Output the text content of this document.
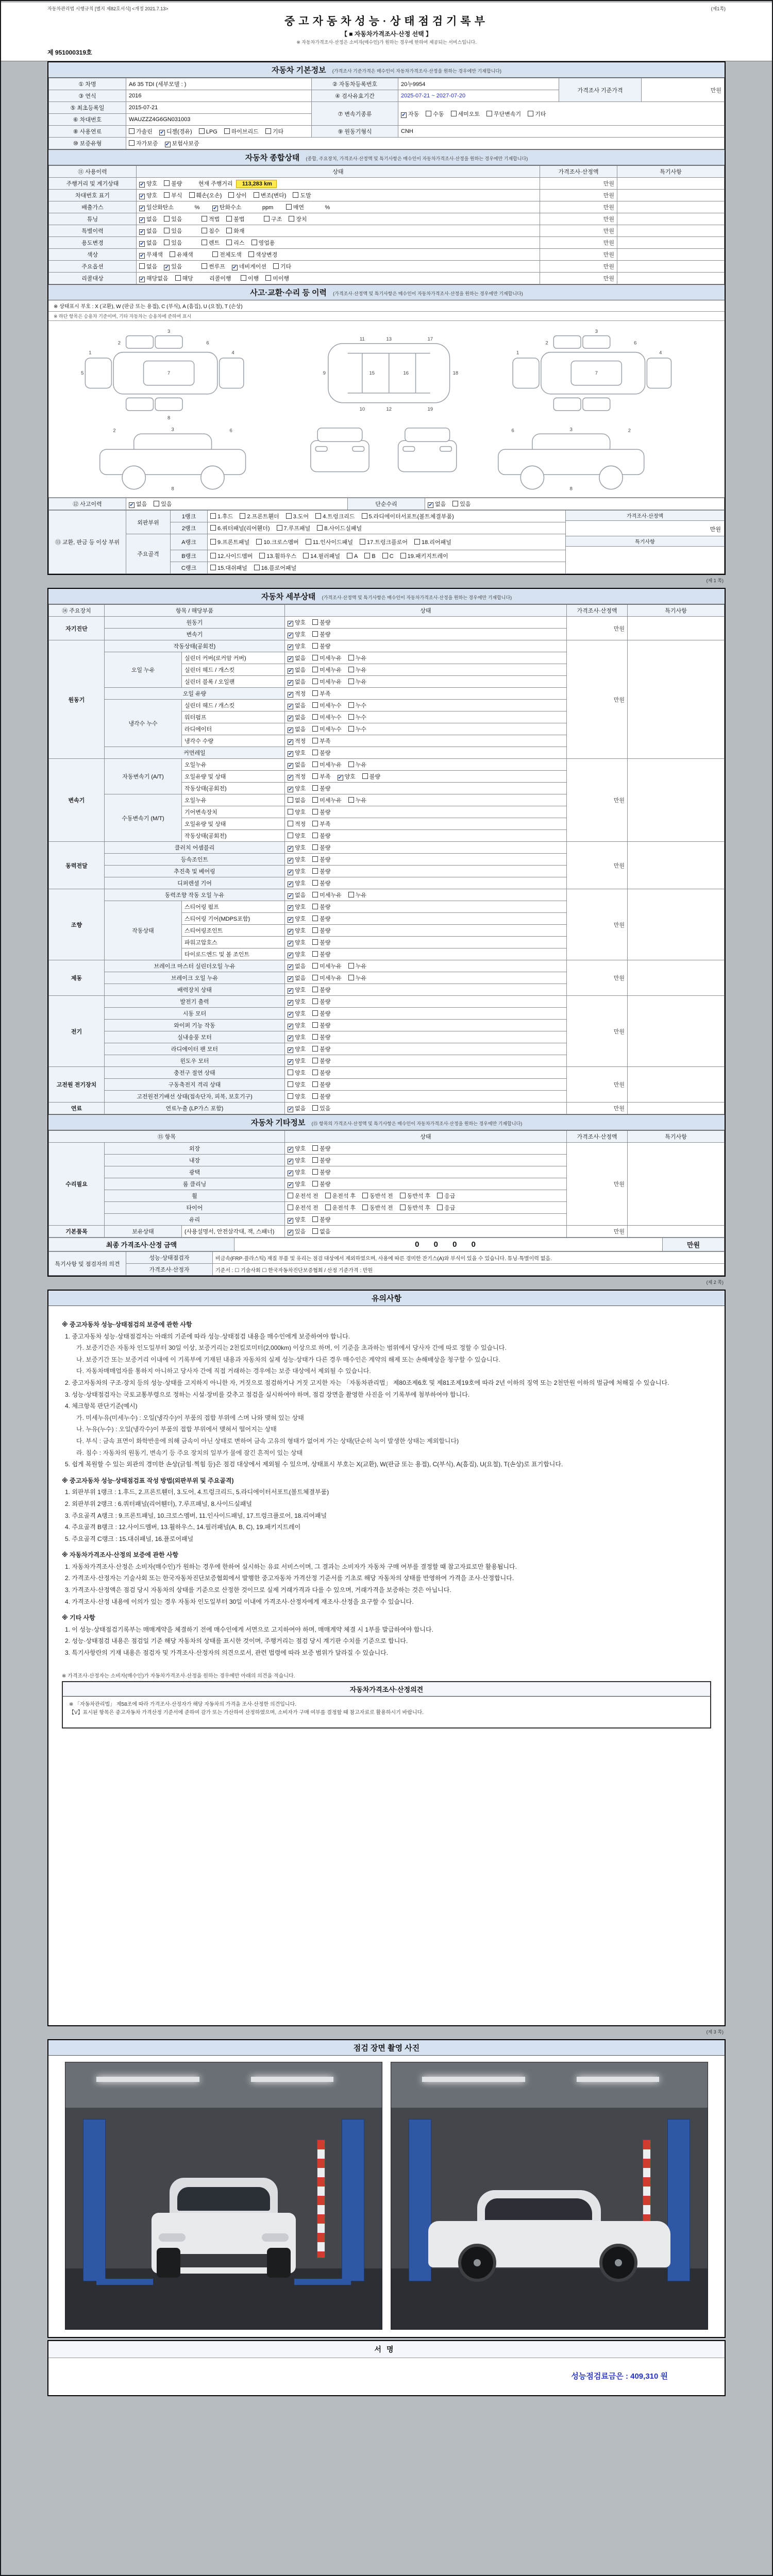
자동차관리법 시행규칙 [별지 제82호서식] <개정 2021.7.13>	(제1쪽)
중고자동차성능·상태점검기록부
【 ■ 자동차가격조사·산정 선택 】
※ 자동차가격조사·산정은 소비자(매수인)가 원하는 경우에 한하여 제공되는 서비스입니다.
제 951000319호
자동차 기본정보 (가격조사 기준가격은 매수인이 자동차가격조사·산정을 원하는 경우에만 기재합니다)
① 차명	A6 35 TDI (세부모델 : )	② 자동차등록번호	20누9954	가격조사 기준가격	만원
③ 연식	2016	④ 검사유효기간	2025-07-21 ~ 2027-07-20		
⑤ 최초등록일	2015-07-21	⑦ 변속기종류	✔ 자동 수동 세미오토 무단변속기 기타		
⑥ 차대번호	WAUZZZ4G6GN031003				
⑧ 사용연료	가솔린 ✔ 디젤(경유) LPG 하이브리드 기타	⑨ 원동기형식	CNH		
⑩ 보증유형	자가보증 ✔ 보험사보증				
자동차 종합상태 (종합, 주요장치, 가격조사·산정액 및 특기사항은 매수인이 자동차가격조사·산정을 원하는 경우에만 기재합니다)
⑪ 사용이력	상태	가격조사·산정액	특기사항
주행거리 및 계기상태	✔ 양호 불량      현재 주행거리   113,283 km	만원	
차대번호 표기	✔ 양호 부식 훼손(오손) 상이 변조(변타) 도말	만원	
배출가스	✔ 일산화탄소         %        ✔ 탄화수소         ppm        매연         %	만원	
튜닝	✔ 없음 있음 적법 불법 구조 장치	만원	
특별이력	✔ 없음 있음 침수 화재	만원	
용도변경	✔ 없음 있음 렌트 리스 영업용	만원	
색상	✔ 무채색 유채색 전체도색 색상변경	만원	
주요옵션	없음 ✔ 있음 썬루프 ✔ 네비게이션 기타	만원	
리콜대상	✔ 해당없음 해당      리콜이행      이행 미이행	만원	
사고·교환·수리 등 이력 (가격조사·산정액 및 특기사항은 매수인이 자동차가격조사·산정을 원하는 경우에만 기재합니다)
※ 상태표시 부호 : X (교환), W (판금 또는 용접), C (부식), A (흠집), U (요철), T (손상)
※ 하단 항목은 승용차 기준이며, 기타 자동차는 승용차에 준하여 표시
1
2
3
4
5
6
7
8
9
10
11
12
13
15	16
17
18
19
1
2
3
4
6
7
2	3	6
8
6	3	2
8
⑫ 사고이력	✔ 없음 있음	단순수리	✔ 없음 있음
⑬ 교환, 판금 등 이상 부위	외판부위	1랭크	1.후드 2.프론트휀더 3.도어 4.트렁크리드 5.라디에이터서포트(볼트체결부품)	가격조사·산정액
만원
특기사항

		2랭크	6.쿼터패널(리어휀더) 7.루프패널 8.사이드실패널	
	주요골격	A랭크	9.프론트패널 10.크로스멤버 11.인사이드패널 17.트렁크플로어 18.리어패널	
		B랭크	12.사이드멤버 13.휠하우스 14.필러패널 A B C 19.패키지트레이	
		C랭크	15.대쉬패널 16.플로어패널	
(제 1 쪽)
자동차 세부상태 (가격조사·산정액 및 특기사항은 매수인이 자동차가격조사·산정을 원하는 경우에만 기재합니다)
⑭ 주요장치	항목 / 해당부품		상태	가격조사·산정액	특기사항
자기진단	원동기		✔ 양호 불량	만원	
	변속기		✔ 양호 불량		
원동기	작동상태(공회전)		✔ 양호 불량	만원	
	오일 누유	실린더 커버(로커암 커버)	✔ 없음 미세누유 누유		
		실린더 헤드 / 개스킷	✔ 없음 미세누유 누유		
		실린더 블록 / 오일팬	✔ 없음 미세누유 누유		
	오일 유량		✔ 적정 부족		
	냉각수 누수	실린더 헤드 / 개스킷	✔ 없음 미세누수 누수		
		워터펌프	✔ 없음 미세누수 누수		
		라디에이터	✔ 없음 미세누수 누수		
		냉각수 수량	✔ 적정 부족		
	커먼레일		✔ 양호 불량		
변속기	자동변속기 (A/T)	오일누유	✔ 없음 미세누유 누유	만원	
		오일유량 및 상태	✔ 적정 부족 ✔ 양호 불량		
		작동상태(공회전)	✔ 양호 불량		
	수동변속기 (M/T)	오일누유	없음 미세누유 누유		
		기어변속장치	양호 불량		
		오일유량 및 상태	적정 부족		
		작동상태(공회전)	양호 불량		
동력전달	클러치 어셈블리		✔ 양호 불량	만원	
	등속조인트		✔ 양호 불량		
	추진축 및 베어링		✔ 양호 불량		
	디퍼렌셜 기어		✔ 양호 불량		
조향	동력조향 작동 오일 누유		✔ 없음 미세누유 누유	만원	
	작동상태	스티어링 펌프	✔ 양호 불량		
		스티어링 기어(MDPS포함)	✔ 양호 불량		
		스티어링조인트	✔ 양호 불량		
		파워고압호스	✔ 양호 불량		
		타이로드엔드 및 볼 조인트	✔ 양호 불량		
제동	브레이크 마스터 실린더오일 누유		✔ 없음 미세누유 누유	만원	
	브레이크 오일 누유		✔ 없음 미세누유 누유		
	배력장치 상태		✔ 양호 불량		
전기	발전기 출력		✔ 양호 불량	만원	
	시동 모터		✔ 양호 불량		
	와이퍼 기능 작동		✔ 양호 불량		
	실내송풍 모터		✔ 양호 불량		
	라디에이터 팬 모터		✔ 양호 불량		
	윈도우 모터		✔ 양호 불량		
고전원 전기장치	충전구 절연 상태		양호 불량	만원	
	구동축전지 격리 상태		양호 불량		
	고전원전기배선 상태(접속단자, 피복, 보호기구)		양호 불량		
연료	연료누출 (LP가스 포함)		✔ 없음 있음	만원	
자동차 기타정보 (⑮ 항목의 가격조사·산정액 및 특기사항은 매수인이 자동차가격조사·산정을 원하는 경우에만 기재합니다)
⑮ 항목			상태	가격조사·산정액	특기사항
수리필요	외장		✔ 양호 불량	만원	
	내장		✔ 양호 불량		
	광택		✔ 양호 불량		
	룸 클리닝		✔ 양호 불량		
	휠		운전석 전 운전석 후 동반석 전 동반석 후 응급		
	타이어		운전석 전 운전석 후 동반석 전 동반석 후 응급		
	유리		✔ 양호 불량		
기본품목	보유상태	(사용설명서, 안전삼각대, 잭, 스패너)	✔ 있음 없음	만원	
최종 가격조사·산정 금액	0 0 0 0	만원
특기사항 및 점검자의 의견	성능·상태점검자	비금속(FRP·플라스틱) 재질 부품 및 유리는 점검 대상에서 제외하였으며, 사용에 따른 경미한 잔기스(A)와 부식이 있을 수 있습니다. 튜닝·특별이력 없음.
	가격조사·산정자	기준서 : ☐ 기술사회 ☐ 한국자동차진단보증협회 / 산정 기준가격 : 만원
(제 2 쪽)
유의사항
※ 중고자동차 성능·상태점검의 보증에 관한 사항
1. 중고자동차 성능·상태점검자는 아래의 기준에 따라 성능·상태점검 내용을 매수인에게 보증하여야 합니다.
가. 보증기간은 자동차 인도일부터 30일 이상, 보증거리는 2천킬로미터(2,000km) 이상으로 하며, 이 기준을 초과하는 범위에서 당사자 간에 따로 정할 수 있습니다.
나. 보증기간 또는 보증거리 이내에 이 기록부에 기재된 내용과 자동차의 실제 성능·상태가 다른 경우 매수인은 계약의 해제 또는 손해배상을 청구할 수 있습니다.
다. 자동차매매업자를 통하지 아니하고 당사자 간에 직접 거래하는 경우에는 보증 대상에서 제외될 수 있습니다.
2. 중고자동차의 구조·장치 등의 성능·상태를 고지하지 아니한 자, 거짓으로 점검하거나 거짓 고지한 자는 「자동차관리법」 제80조제6호 및 제81조제19호에 따라 2년 이하의 징역 또는 2천만원 이하의 벌금에 처해질 수 있습니다.
3. 성능·상태점검자는 국토교통부령으로 정하는 시설·장비를 갖추고 점검을 실시하여야 하며, 점검 장면을 촬영한 사진을 이 기록부에 첨부하여야 합니다.
4. 체크항목 판단기준(예시)
가. 미세누유(미세누수) : 오일(냉각수)이 부품의 접합 부위에 스며 나와 맺혀 있는 상태
나. 누유(누수) : 오일(냉각수)이 부품의 접합 부위에서 맺혀서 떨어지는 상태
다. 부식 : 금속 표면이 화학반응에 의해 금속이 아닌 상태로 변하여 금속 고유의 형태가 없어져 가는 상태(단순히 녹이 발생한 상태는 제외합니다)
라. 침수 : 자동차의 원동기, 변속기 등 주요 장치의 일부가 물에 잠긴 흔적이 있는 상태
5. 쉽게 복원할 수 있는 외관의 경미한 손상(긁힘·찍힘 등)은 점검 대상에서 제외될 수 있으며, 상태표시 부호는 X(교환), W(판금 또는 용접), C(부식), A(흠집), U(요철), T(손상)로 표기합니다.
※ 중고자동차 성능·상태점검표 작성 방법(외판부위 및 주요골격)
1. 외판부위 1랭크 : 1.후드, 2.프론트휀더, 3.도어, 4.트렁크리드, 5.라디에이터서포트(볼트체결부품)
2. 외판부위 2랭크 : 6.쿼터패널(리어휀더), 7.루프패널, 8.사이드실패널
3. 주요골격 A랭크 : 9.프론트패널, 10.크로스멤버, 11.인사이드패널, 17.트렁크플로어, 18.리어패널
4. 주요골격 B랭크 : 12.사이드멤버, 13.휠하우스, 14.필러패널(A, B, C), 19.패키지트레이
5. 주요골격 C랭크 : 15.대쉬패널, 16.플로어패널
※ 자동차가격조사·산정의 보증에 관한 사항
1. 자동차가격조사·산정은 소비자(매수인)가 원하는 경우에 한하여 실시하는 유료 서비스이며, 그 결과는 소비자가 자동차 구매 여부를 결정할 때 참고자료로만 활용됩니다.
2. 가격조사·산정자는 기술사회 또는 한국자동차진단보증협회에서 발행한 중고자동차 가격산정 기준서를 기초로 해당 자동차의 상태를 반영하여 가격을 조사·산정합니다.
3. 가격조사·산정액은 점검 당시 자동차의 상태를 기준으로 산정한 것이므로 실제 거래가격과 다를 수 있으며, 거래가격을 보증하는 것은 아닙니다.
4. 가격조사·산정 내용에 이의가 있는 경우 자동차 인도일부터 30일 이내에 가격조사·산정자에게 재조사·산정을 요구할 수 있습니다.
※ 기타 사항
1. 이 성능·상태점검기록부는 매매계약을 체결하기 전에 매수인에게 서면으로 고지하여야 하며, 매매계약 체결 시 1부를 발급하여야 합니다.
2. 성능·상태점검 내용은 점검일 기준 해당 자동차의 상태를 표시한 것이며, 주행거리는 점검 당시 계기판 수치를 기준으로 합니다.
3. 특기사항란의 기재 내용은 점검자 및 가격조사·산정자의 의견으로서, 관련 법령에 따라 보증 범위가 달라질 수 있습니다.
※ 가격조사·산정자는 소비자(매수인)가 자동차가격조사·산정을 원하는 경우에만 아래의 의견을 적습니다.
자동차가격조사·산정의견
※ 「자동차관리법」 제58조에 따라 가격조사·산정자가 해당 자동차의 가격을 조사·산정한 의견입니다.
【V】표시된 항목은 중고자동차 가격산정 기준서에 준하여 감가 또는 가산하여 산정하였으며, 소비자가 구매 여부를 결정할 때 참고자료로 활용하시기 바랍니다.
(제 3 쪽)
점검 장면 촬영 사진
서명
성능점검료금은 : 409,310 원
